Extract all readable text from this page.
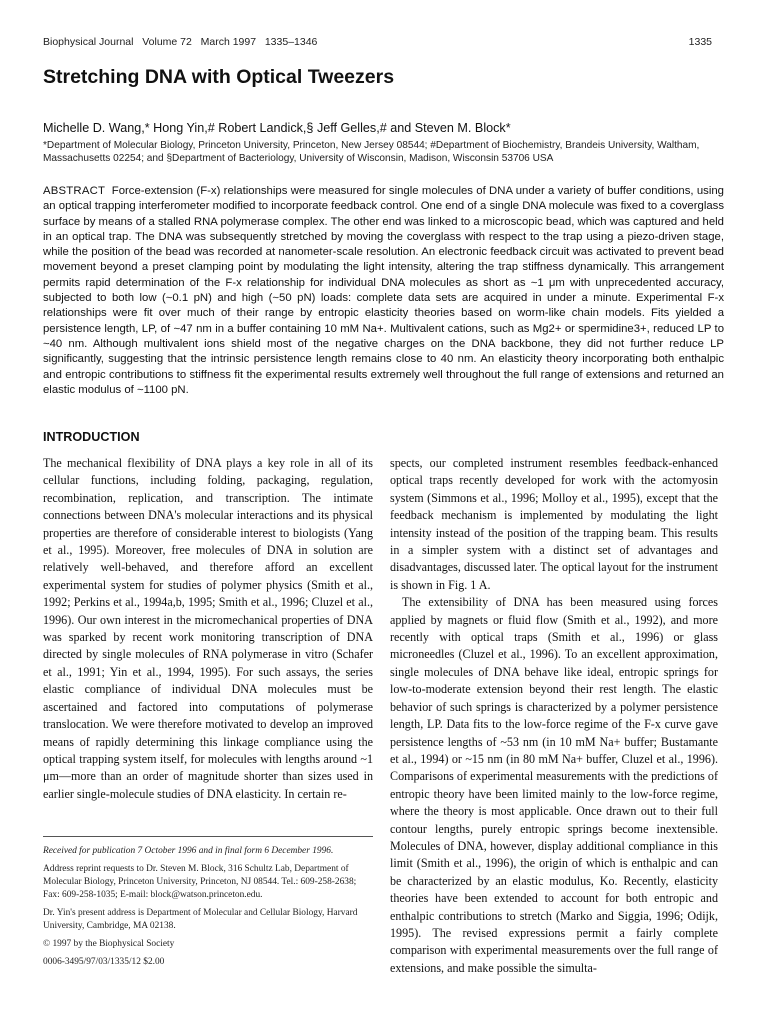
Biophysical Journal Volume 72 March 1997 1335–1346	1335
Stretching DNA with Optical Tweezers
Michelle D. Wang,* Hong Yin,# Robert Landick,§ Jeff Gelles,# and Steven M. Block*
*Department of Molecular Biology, Princeton University, Princeton, New Jersey 08544; #Department of Biochemistry, Brandeis University, Waltham, Massachusetts 02254; and §Department of Bacteriology, University of Wisconsin, Madison, Wisconsin 53706 USA
ABSTRACT Force-extension (F-x) relationships were measured for single molecules of DNA under a variety of buffer conditions, using an optical trapping interferometer modified to incorporate feedback control. One end of a single DNA molecule was fixed to a coverglass surface by means of a stalled RNA polymerase complex. The other end was linked to a microscopic bead, which was captured and held in an optical trap. The DNA was subsequently stretched by moving the coverglass with respect to the trap using a piezo-driven stage, while the position of the bead was recorded at nanometer-scale resolution. An electronic feedback circuit was activated to prevent bead movement beyond a preset clamping point by modulating the light intensity, altering the trap stiffness dynamically. This arrangement permits rapid determination of the F-x relationship for individual DNA molecules as short as ~1 μm with unprecedented accuracy, subjected to both low (~0.1 pN) and high (~50 pN) loads: complete data sets are acquired in under a minute. Experimental F-x relationships were fit over much of their range by entropic elasticity theories based on worm-like chain models. Fits yielded a persistence length, LP, of ~47 nm in a buffer containing 10 mM Na+. Multivalent cations, such as Mg2+ or spermidine3+, reduced LP to ~40 nm. Although multivalent ions shield most of the negative charges on the DNA backbone, they did not further reduce LP significantly, suggesting that the intrinsic persistence length remains close to 40 nm. An elasticity theory incorporating both enthalpic and entropic contributions to stiffness fit the experimental results extremely well throughout the full range of extensions and returned an elastic modulus of ~1100 pN.
INTRODUCTION

The mechanical flexibility of DNA plays a key role in all of its cellular functions, including folding, packaging, regulation, recombination, replication, and transcription. The intimate connections between DNA's molecular interactions and its physical properties are therefore of considerable interest to biologists (Yang et al., 1995). Moreover, free molecules of DNA in solution are relatively well-behaved, and therefore afford an excellent experimental system for studies of polymer physics (Smith et al., 1992; Perkins et al., 1994a,b, 1995; Smith et al., 1996; Cluzel et al., 1996). Our own interest in the micromechanical properties of DNA was sparked by recent work monitoring transcription of DNA directed by single molecules of RNA polymerase in vitro (Schafer et al., 1991; Yin et al., 1994, 1995). For such assays, the series elastic compliance of individual DNA molecules must be ascertained and factored into computations of polymerase translocation. We were therefore motivated to develop an improved means of rapidly determining this linkage compliance using the optical trapping system itself, for molecules with lengths around ~1 μm—more than an order of magnitude shorter than sizes used in earlier single-molecule studies of DNA elasticity. In certain re-

spects, our completed instrument resembles feedback-enhanced optical traps recently developed for work with the actomyosin system (Simmons et al., 1996; Molloy et al., 1995), except that the feedback mechanism is implemented by modulating the light intensity instead of the position of the trapping beam. This results in a simpler system with a distinct set of advantages and disadvantages, discussed later. The optical layout for the instrument is shown in Fig. 1 A.

The extensibility of DNA has been measured using forces applied by magnets or fluid flow (Smith et al., 1992), and more recently with optical traps (Smith et al., 1996) or glass microneedles (Cluzel et al., 1996). To an excellent approximation, single molecules of DNA behave like ideal, entropic springs for low-to-moderate extension beyond their rest length. The elastic behavior of such springs is characterized by a polymer persistence length, LP. Data fits to the low-force regime of the F-x curve gave persistence lengths of ~53 nm (in 10 mM Na+ buffer; Bustamante et al., 1994) or ~15 nm (in 80 mM Na+ buffer, Cluzel et al., 1996). Comparisons of experimental measurements with the predictions of entropic theory have been limited mainly to the low-force regime, where the theory is most applicable. Once drawn out to their full contour lengths, purely entropic springs become inextensible. Molecules of DNA, however, display additional compliance in this limit (Smith et al., 1996), the origin of which is enthalpic and can be characterized by an elastic modulus, Ko. Recently, elasticity theories have been extended to account for both entropic and enthalpic contributions to stretch (Marko and Siggia, 1996; Odijk, 1995). The revised expressions permit a fairly complete comparison with experimental measurements over the full range of extensions, and make possible the simulta-

Received for publication 7 October 1996 and in final form 6 December 1996.

Address reprint requests to Dr. Steven M. Block, 316 Schultz Lab, Department of Molecular Biology, Princeton University, Princeton, NJ 08544. Tel.: 609-258-2638; Fax: 609-258-1035; E-mail: block@watson.princeton.edu.

Dr. Yin's present address is Department of Molecular and Cellular Biology, Harvard University, Cambridge, MA 02138.

© 1997 by the Biophysical Society

0006-3495/97/03/1335/12 $2.00
